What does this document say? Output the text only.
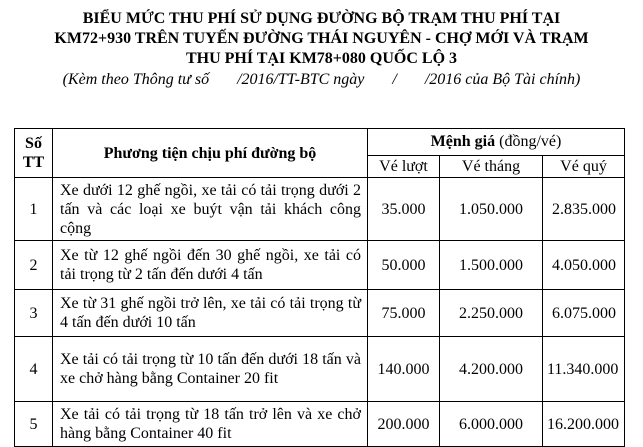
BIỂU MỨC THU PHÍ SỬ DỤNG ĐƯỜNG BỘ TRẠM THU PHÍ TẠI
KM72+930 TRÊN TUYẾN ĐƯỜNG THÁI NGUYÊN - CHỢ MỚI VÀ TRẠM
THU PHÍ TẠI KM78+080 QUỐC LỘ 3
(Kèm theo Thông tư số       /2016/TT-BTC ngày       /       /2016 của Bộ Tài chính)
Số TT	Phương tiện chịu phí đường bộ	Mệnh giá (đồng/vé)		
		Vé lượt	Vé tháng	Vé quý
1	Xe dưới 12 ghế ngồi, xe tải có tải trọng dưới 2 tấn và các loại xe buýt vận tải khách công cộng	35.000	1.050.000	2.835.000
2	Xe từ 12 ghế ngồi đến 30 ghế ngồi, xe tải có tải trọng từ 2 tấn đến dưới 4 tấn	50.000	1.500.000	4.050.000
3	Xe từ 31 ghế ngồi trở lên, xe tải có tải trọng từ 4 tấn đến dưới 10 tấn	75.000	2.250.000	6.075.000
4	Xe tải có tải trọng từ 10 tấn đến dưới 18 tấn và xe chở hàng bằng Container 20 fit	140.000	4.200.000	11.340.000
5	Xe tải có tải trọng từ 18 tấn trở lên và xe chở hàng bằng Container 40 fit	200.000	6.000.000	16.200.000
